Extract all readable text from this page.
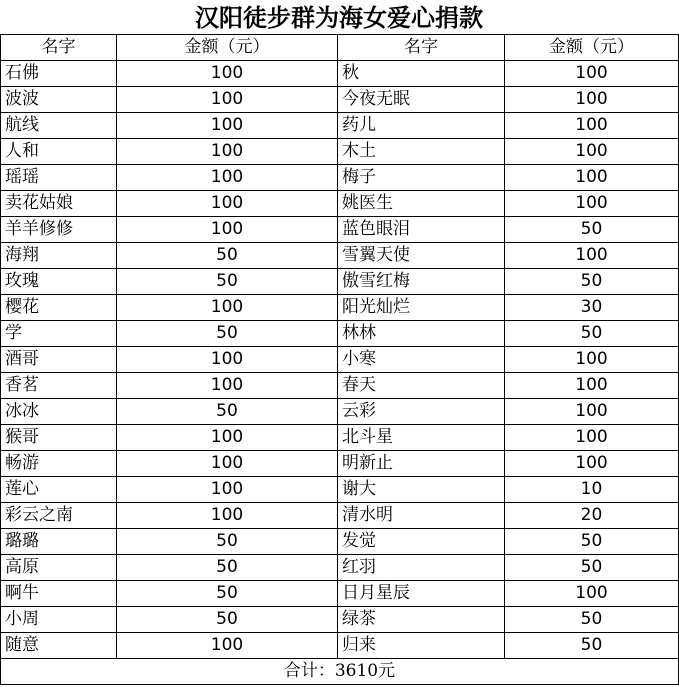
汉阳徒步群为海女爱心捐款
名字	金额（元）	名字	金额（元）
石佛	100	秋	100
波波	100	今夜无眠	100
航线	100	药儿	100
人和	100	木土	100
瑶瑶	100	梅子	100
卖花姑娘	100	姚医生	100
羊羊修修	100	蓝色眼泪	50
海翔	50	雪翼天使	100
玫瑰	50	傲雪红梅	50
樱花	100	阳光灿烂	30
学	50	林林	50
酒哥	100	小寒	100
香茗	100	春天	100
冰冰	50	云彩	100
猴哥	100	北斗星	100
畅游	100	明新止	100
莲心	100	谢大	10
彩云之南	100	清水明	20
璐璐	50	发觉	50
高原	50	红羽	50
啊牛	50	日月星辰	100
小周	50	绿茶	50
随意	100	归来	50
合计：3610元			
